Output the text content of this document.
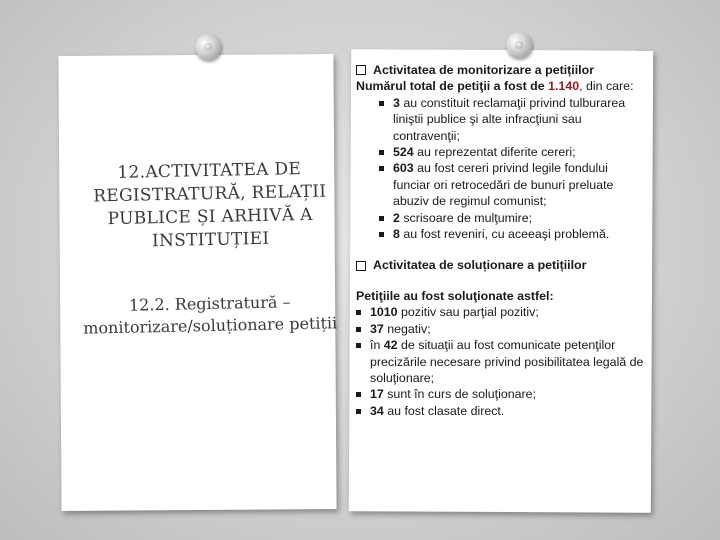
12.ACTIVITATEA DE REGISTRATURĂ, RELAȚII PUBLICE ȘI ARHIVĂ A INSTITUȚIEI
12.2. Registratură – monitorizare/soluționare petiții
Activitatea de monitorizare a petițiilor
Numărul total de petiţii a fost de 1.140, din care:
3 au constituit reclamaţii privind tulburarea liniştii publice şi alte infracţiuni sau contravenţii;
524 au reprezentat diferite cereri;
603 au fost cereri privind legile fondului funciar ori retrocedări de bunuri preluate abuziv de regimul comunist;
2 scrisoare de mulţumire;
8 au fost reveniri, cu aceeaşi problemă.
Activitatea de soluționare a petițiilor
Petiţiile au fost soluţionate astfel:
1010 pozitiv sau parţial pozitiv;
37 negativ;
în 42 de situaţii au fost comunicate petenţilor precizările necesare privind posibilitatea legală de soluţionare;
17 sunt în curs de soluţionare;
34 au fost clasate direct.
